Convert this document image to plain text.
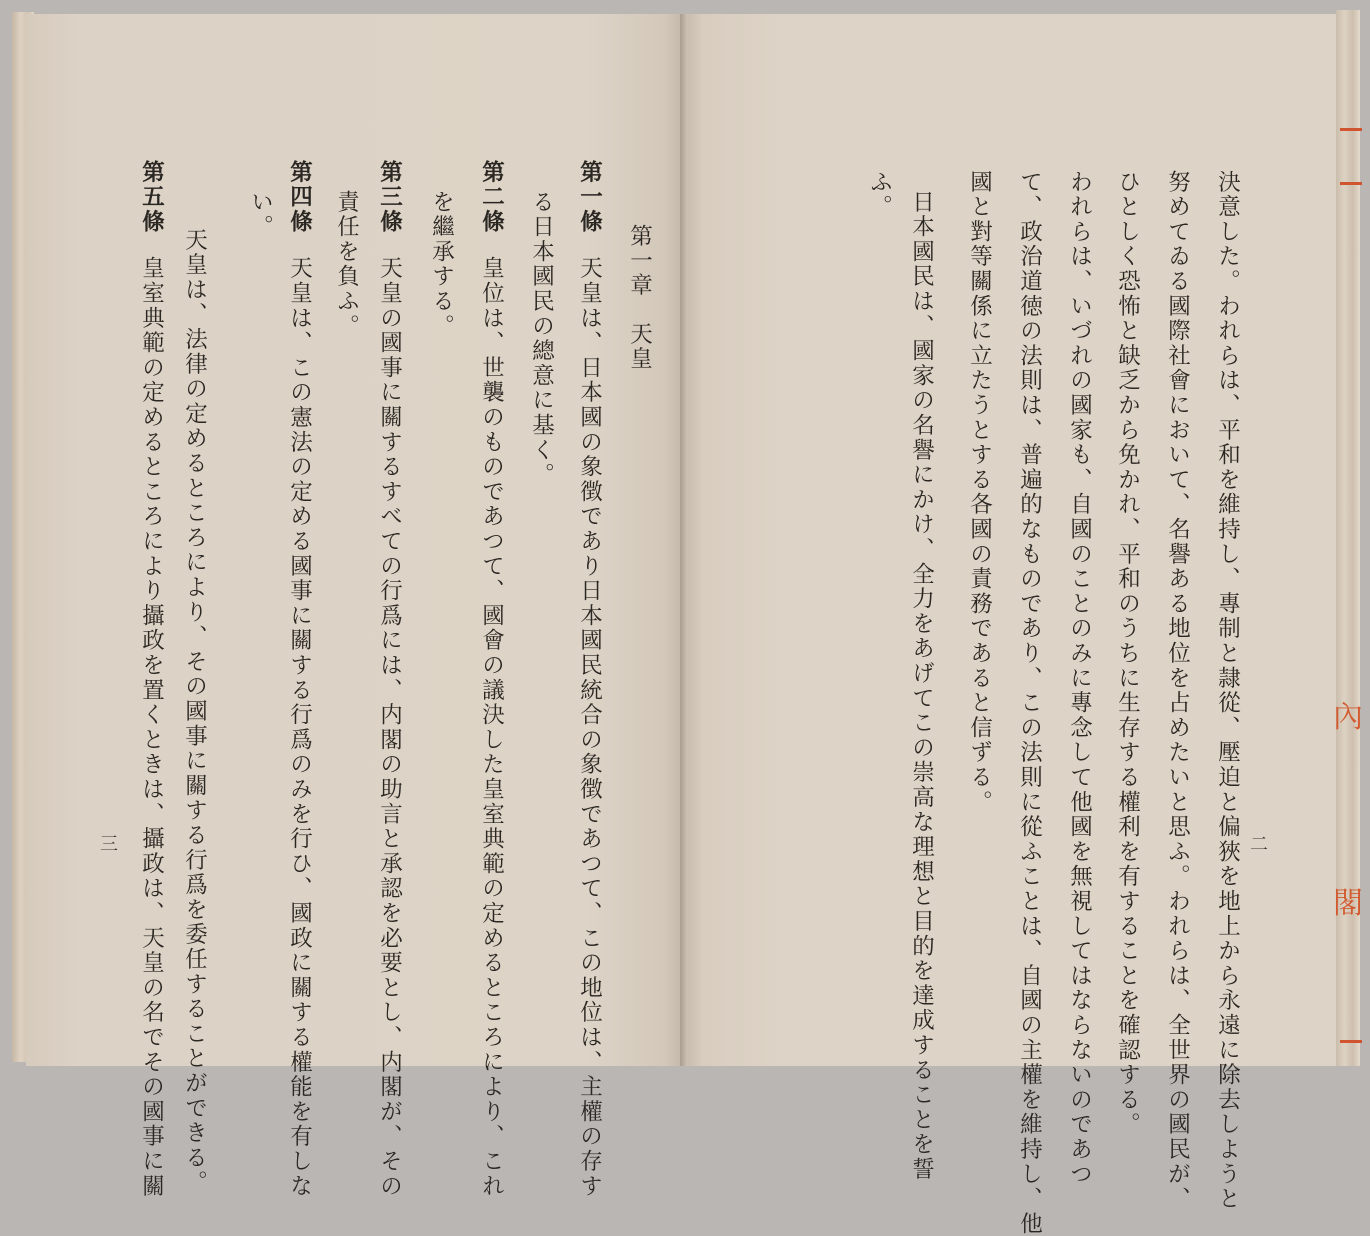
內
閣
第五條皇室典範の定めるところにより攝政を置くときは、攝政は、天皇の名でその國事に關 天皇は、法律の定めるところにより、その國事に關する行爲を委任することができる。
第四條天皇は、この憲法の定める國事に關する行爲のみを行ひ、國政に關する權能を有しな
い。	責任を負ふ。 第三條天皇の國事に關するすべての行爲には、内閣の助言と承認を必要とし、内閣が、その を繼承する。 第二條皇位は、世襲のものであつて、國會の議決した皇室典範の定めるところにより、これ る日本國民の總意に基く。 第一條天皇は、日本國の象徴であり日本國民統合の象徴であつて、この地位は、主權の存す 第一章　天皇
三
ふ。 日本國民は、國家の名譽にかけ、全力をあげてこの崇高な理想と目的を達成することを誓 國と對等關係に立たうとする各國の責務であると信ずる。 て、政治道徳の法則は、普遍的なものであり、この法則に從ふことは、自國の主權を維持し、他 われらは、いづれの國家も、自國のことのみに專念して他國を無視してはならないのであつ ひとしく恐怖と缺乏から免かれ、平和のうちに生存する權利を有することを確認する。 努めてゐる國際社會において、名譽ある地位を占めたいと思ふ。われらは、全世界の國民が、 決意した。われらは、平和を維持し、專制と隷從、壓迫と偏狹を地上から永遠に除去しようと 二
